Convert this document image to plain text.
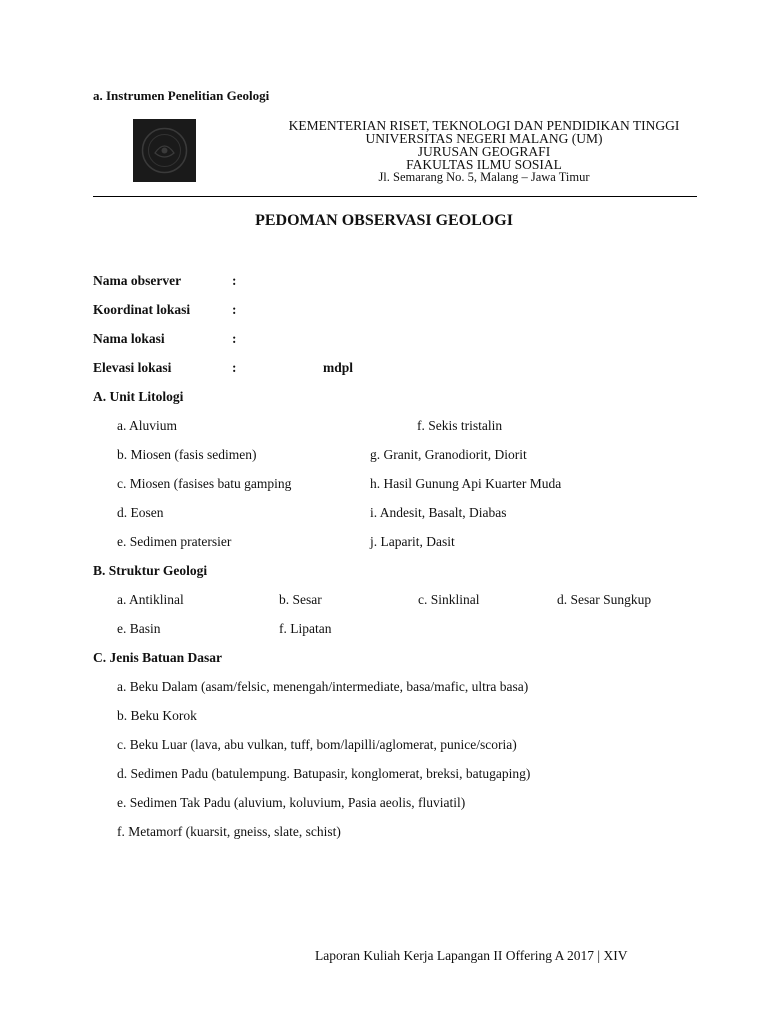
a. Instrumen Penelitian Geologi
KEMENTERIAN RISET, TEKNOLOGI DAN PENDIDIKAN TINGGI
UNIVERSITAS NEGERI MALANG (UM)
JURUSAN GEOGRAFI
FAKULTAS ILMU SOSIAL
Jl. Semarang No. 5, Malang – Jawa Timur
PEDOMAN OBSERVASI GEOLOGI
Nama observer	:
Koordinat lokasi	:
Nama lokasi	:
Elevasi lokasi	:	mdpl
A. Unit Litologi
a. Aluvium	f. Sekis tristalin
b. Miosen (fasis sedimen)	g. Granit, Granodiorit, Diorit
c. Miosen (fasises batu gamping	h. Hasil Gunung Api Kuarter Muda
d. Eosen	i. Andesit, Basalt, Diabas
e. Sedimen pratersier	j. Laparit, Dasit
B. Struktur Geologi
a. Antiklinal	b. Sesar	c. Sinklinal	d. Sesar Sungkup
e. Basin	f. Lipatan
C. Jenis Batuan Dasar
a. Beku Dalam (asam/felsic, menengah/intermediate, basa/mafic, ultra basa)
b. Beku Korok
c. Beku Luar (lava, abu vulkan, tuff, bom/lapilli/aglomerat, punice/scoria)
d. Sedimen Padu (batulempung. Batupasir, konglomerat, breksi, batugaping)
e. Sedimen Tak Padu (aluvium, koluvium, Pasia aeolis, fluviatil)
f. Metamorf (kuarsit, gneiss, slate, schist)
Laporan Kuliah Kerja Lapangan II Offering A 2017 | XIV
